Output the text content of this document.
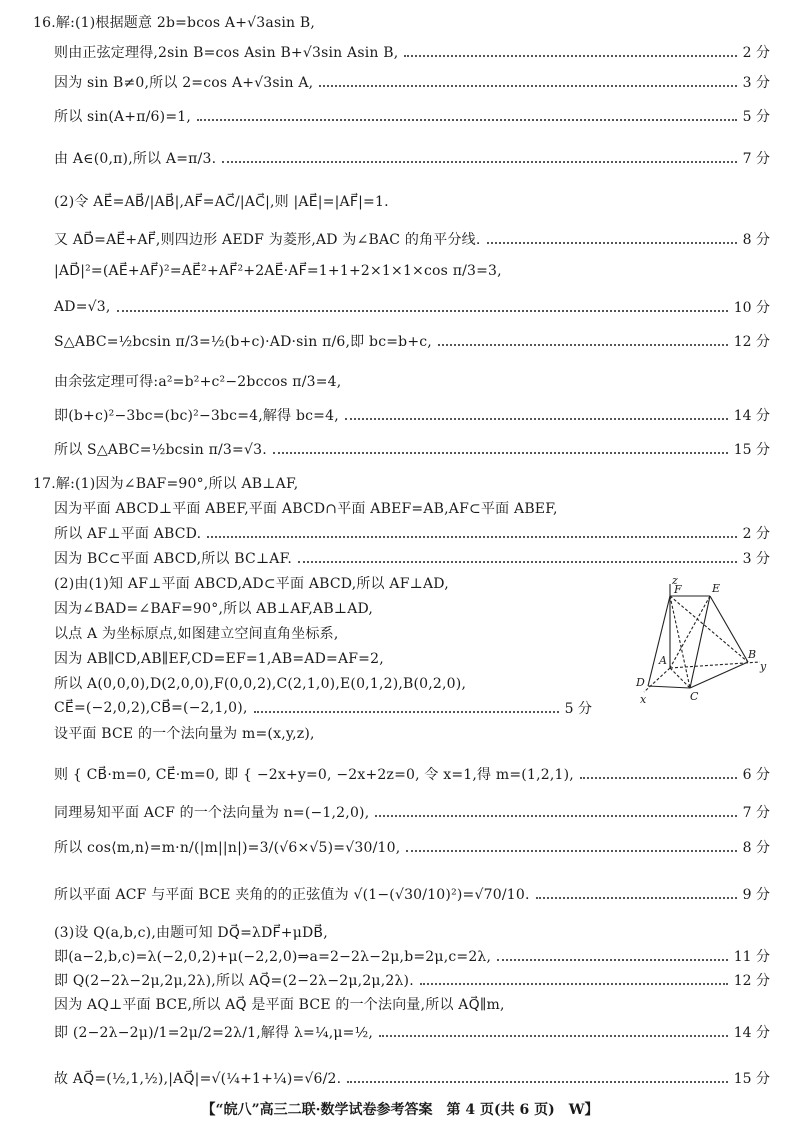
16.解:(1)根据题意 2b=bcos A+√3asin B,
则由正弦定理得,2sin B=cos Asin B+√3sin Asin B,	2 分
因为 sin B≠0,所以 2=cos A+√3sin A,	3 分
所以 sin(A+π/6)=1,	5 分
由 A∈(0,π),所以 A=π/3.	7 分
(2)令 AE⃗=AB⃗/|AB⃗|,AF⃗=AC⃗/|AC⃗|,则 |AE⃗|=|AF⃗|=1.
又 AD⃗=AE⃗+AF⃗,则四边形 AEDF 为菱形,AD 为∠BAC 的角平分线.	8 分
|AD⃗|²=(AE⃗+AF⃗)²=AE⃗²+AF⃗²+2AE⃗·AF⃗=1+1+2×1×1×cos π/3=3,
AD=√3,	10 分
S△ABC=½bcsin π/3=½(b+c)·AD·sin π/6,即 bc=b+c,	12 分
由余弦定理可得:a²=b²+c²−2bccos π/3=4,
即(b+c)²−3bc=(bc)²−3bc=4,解得 bc=4,	14 分
所以 S△ABC=½bcsin π/3=√3.	15 分
17.解:(1)因为∠BAF=90°,所以 AB⊥AF,
因为平面 ABCD⊥平面 ABEF,平面 ABCD∩平面 ABEF=AB,AF⊂平面 ABEF,
所以 AF⊥平面 ABCD.	2 分
因为 BC⊂平面 ABCD,所以 BC⊥AF.	3 分
(2)由(1)知 AF⊥平面 ABCD,AD⊂平面 ABCD,所以 AF⊥AD,
因为∠BAD=∠BAF=90°,所以 AB⊥AF,AB⊥AD,
以点 A 为坐标原点,如图建立空间直角坐标系,
因为 AB∥CD,AB∥EF,CD=EF=1,AB=AD=AF=2,
所以 A(0,0,0),D(2,0,0),F(0,0,2),C(2,1,0),E(0,1,2),B(0,2,0),
CE⃗=(−2,0,2),CB⃗=(−2,1,0),	5 分
设平面 BCE 的一个法向量为 m=(x,y,z),
则 { CB⃗·m=0, CE⃗·m=0, 即 { −2x+y=0, −2x+2z=0, 令 x=1,得 m=(1,2,1),	6 分
同理易知平面 ACF 的一个法向量为 n=(−1,2,0),	7 分
所以 cos⟨m,n⟩=m·n/(|m||n|)=3/(√6×√5)=√30/10,	8 分
所以平面 ACF 与平面 BCE 夹角的的正弦值为 √(1−(√30/10)²)=√70/10.	9 分
(3)设 Q(a,b,c),由题可知 DQ⃗=λDF⃗+μDB⃗,
即(a−2,b,c)=λ(−2,0,2)+μ(−2,2,0)⇒a=2−2λ−2μ,b=2μ,c=2λ,	11 分
即 Q(2−2λ−2μ,2μ,2λ),所以 AQ⃗=(2−2λ−2μ,2μ,2λ).	12 分
因为 AQ⊥平面 BCE,所以 AQ⃗ 是平面 BCE 的一个法向量,所以 AQ⃗∥m,
即 (2−2λ−2μ)/1=2μ/2=2λ/1,解得 λ=¼,μ=½,	14 分
故 AQ⃗=(½,1,½),|AQ⃗|=√(¼+1+¼)=√6/2.	15 分
z
F	E
A	B
y
D
C
x
【“皖八”高三二联·数学试卷参考答案　第 4 页(共 6 页)　W】
